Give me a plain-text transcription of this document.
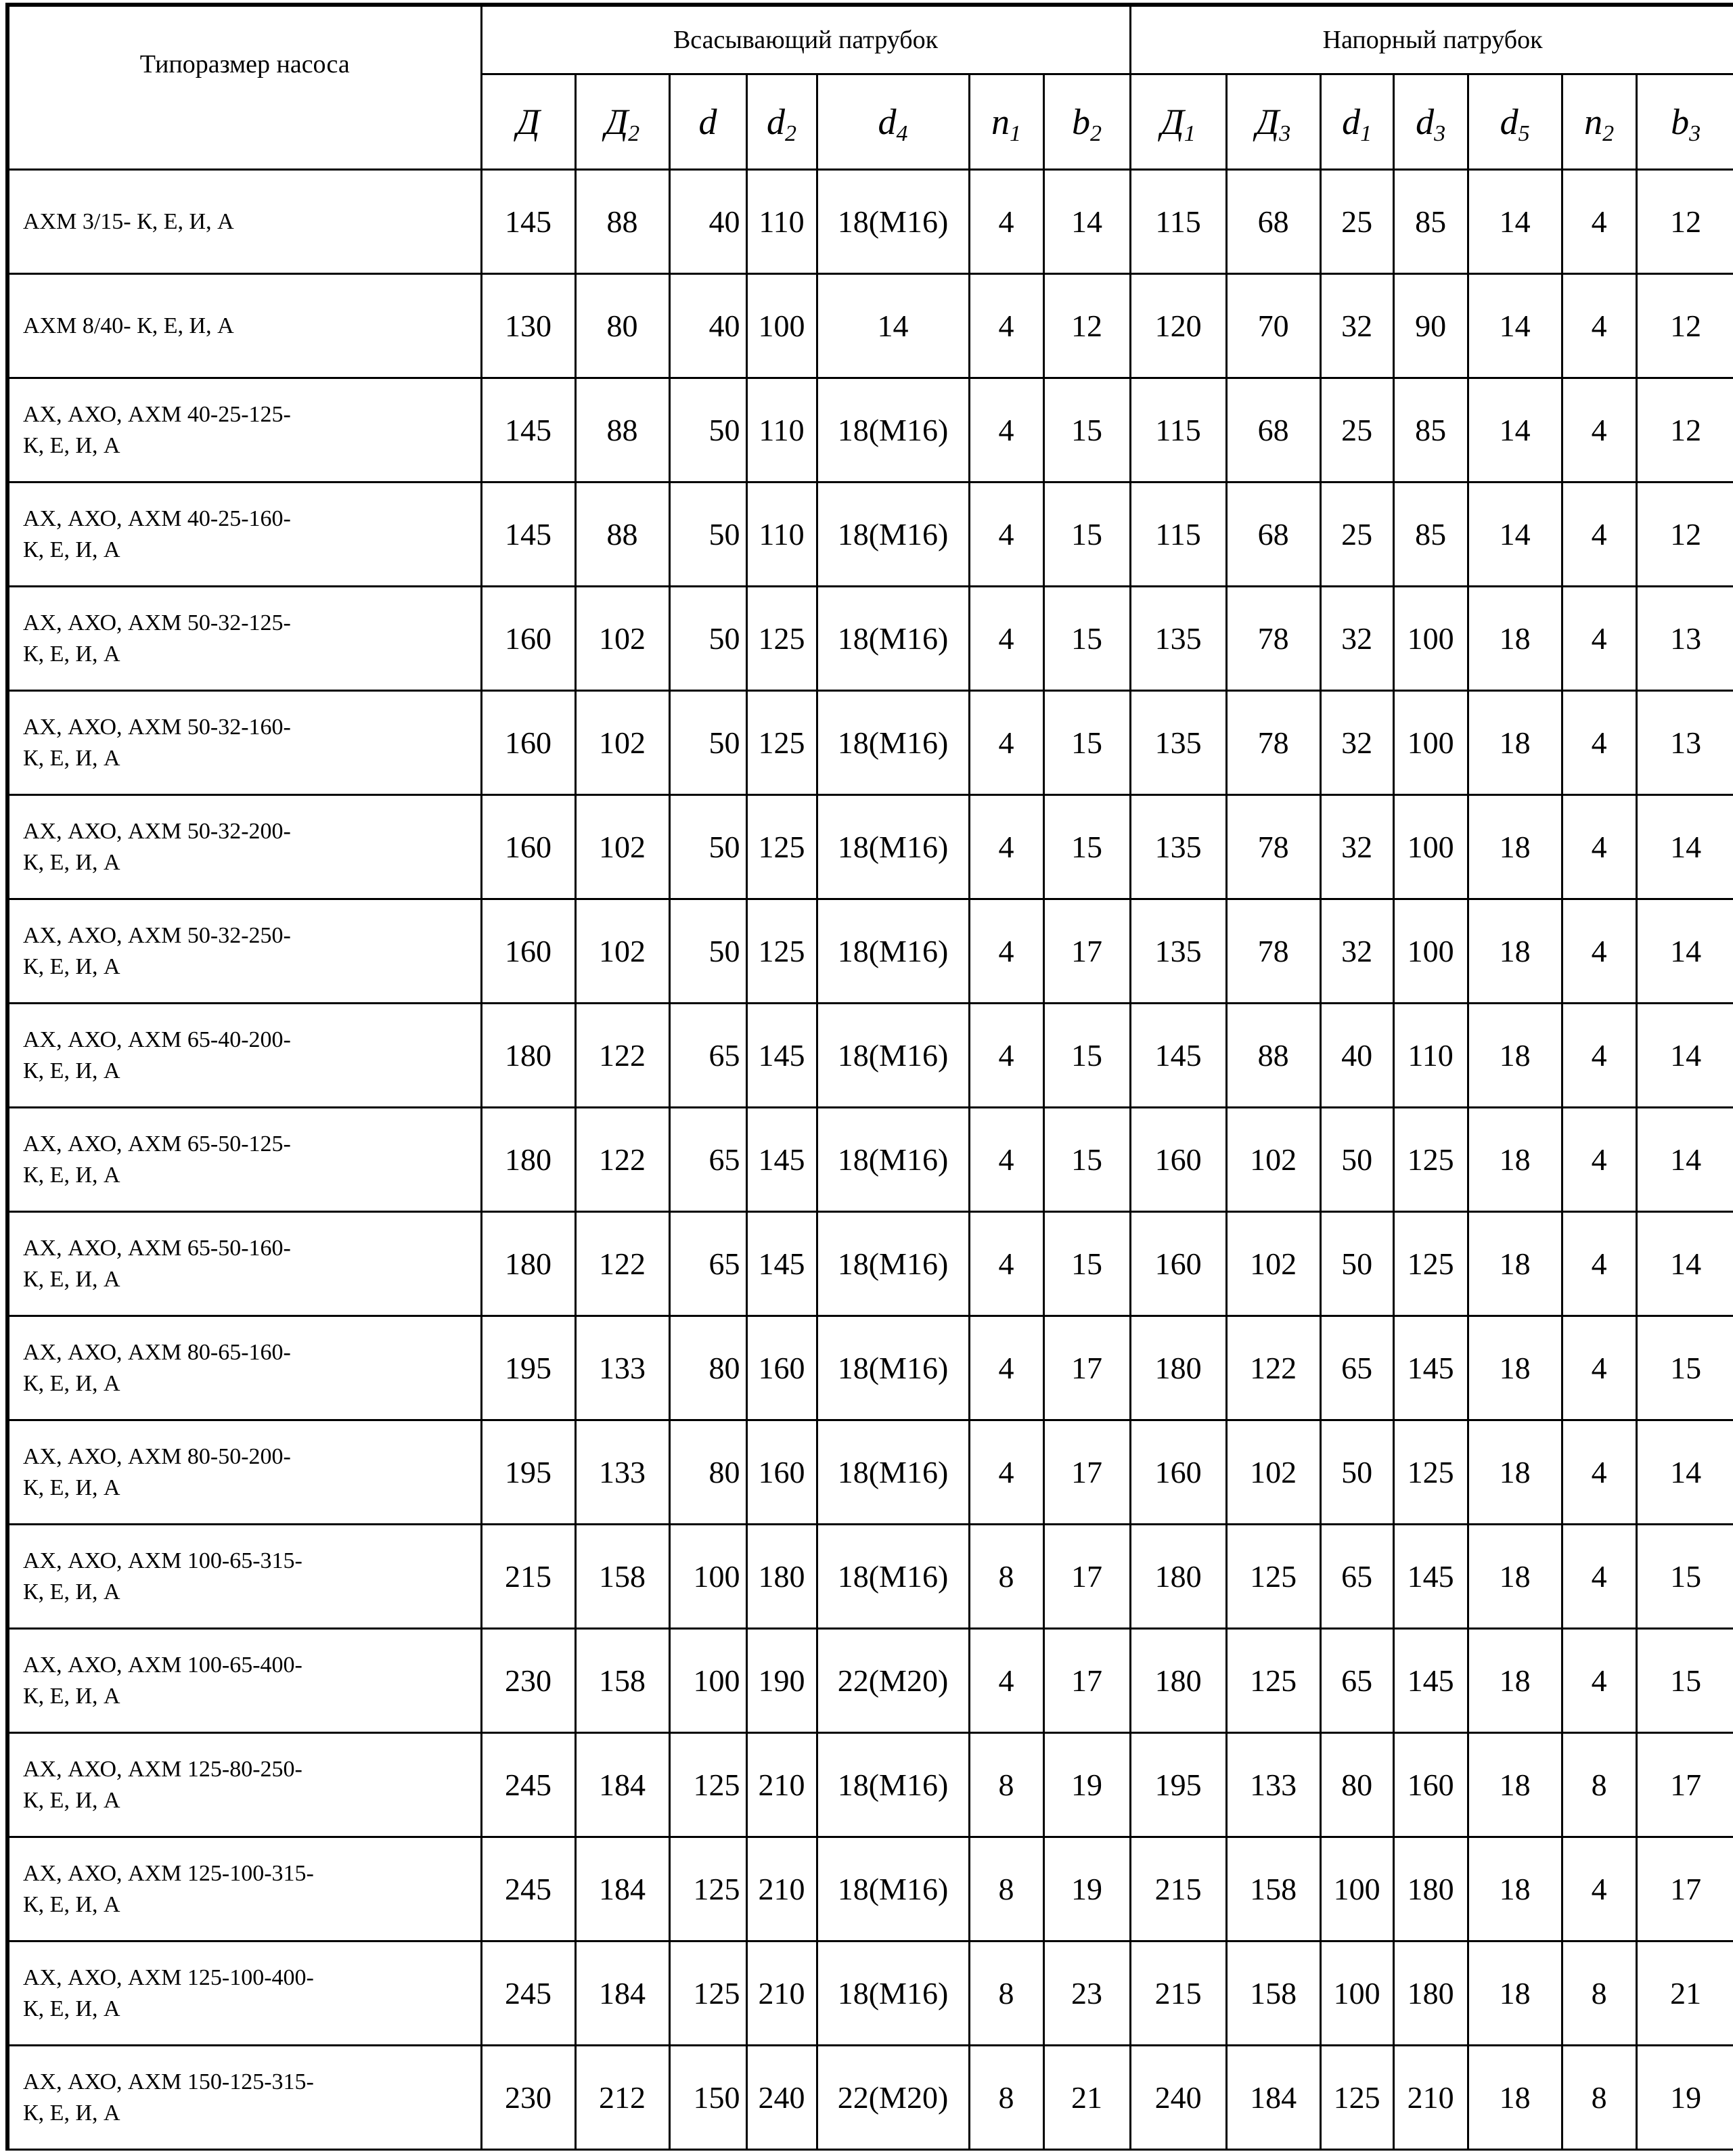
Типоразмер насоса	Всасывающий патрубок							Напорный патрубок						
	Д	$Д_2$	d	$d_2$	$d_4$	$n_1$	$b_2$	$Д_1$	$Д_3$	$d_1$	$d_3$	$d_5$	$n_2$	$b_3$

АХМ 3/15- К, Е, И, А	145	88	40	110	18(М16)	4	14	115	68	25	85	14	4	12

АХМ 8/40- К, Е, И, А	130	80	40	100	14	4	12	120	70	32	90	14	4	12

АХ, АХО, АХМ 40-25-125-
К, Е, И, А	145	88	50	110	18(М16)	4	15	115	68	25	85	14	4	12

АХ, АХО, АХМ 40-25-160-
К, Е, И, А	145	88	50	110	18(М16)	4	15	115	68	25	85	14	4	12

АХ, АХО, АХМ 50-32-125-
К, Е, И, А	160	102	50	125	18(М16)	4	15	135	78	32	100	18	4	13

АХ, АХО, АХМ 50-32-160-
К, Е, И, А	160	102	50	125	18(М16)	4	15	135	78	32	100	18	4	13

АХ, АХО, АХМ 50-32-200-
К, Е, И, А	160	102	50	125	18(М16)	4	15	135	78	32	100	18	4	14

АХ, АХО, АХМ 50-32-250-
К, Е, И, А	160	102	50	125	18(М16)	4	17	135	78	32	100	18	4	14

АХ, АХО, АХМ 65-40-200-
К, Е, И, А	180	122	65	145	18(М16)	4	15	145	88	40	110	18	4	14

АХ, АХО, АХМ 65-50-125-
К, Е, И, А	180	122	65	145	18(М16)	4	15	160	102	50	125	18	4	14

АХ, АХО, АХМ 65-50-160-
К, Е, И, А	180	122	65	145	18(М16)	4	15	160	102	50	125	18	4	14

АХ, АХО, АХМ 80-65-160-
К, Е, И, А	195	133	80	160	18(М16)	4	17	180	122	65	145	18	4	15

АХ, АХО, АХМ 80-50-200-
К, Е, И, А	195	133	80	160	18(М16)	4	17	160	102	50	125	18	4	14

АХ, АХО, АХМ 100-65-315-
К, Е, И, А	215	158	100	180	18(М16)	8	17	180	125	65	145	18	4	15

АХ, АХО, АХМ 100-65-400-
К, Е, И, А	230	158	100	190	22(М20)	4	17	180	125	65	145	18	4	15

АХ, АХО, АХМ 125-80-250-
К, Е, И, А	245	184	125	210	18(М16)	8	19	195	133	80	160	18	8	17

АХ, АХО, АХМ 125-100-315-
К, Е, И, А	245	184	125	210	18(М16)	8	19	215	158	100	180	18	4	17

АХ, АХО, АХМ 125-100-400-
К, Е, И, А	245	184	125	210	18(М16)	8	23	215	158	100	180	18	8	21

АХ, АХО, АХМ 150-125-315-
К, Е, И, А	230	212	150	240	22(М20)	8	21	240	184	125	210	18	8	19
